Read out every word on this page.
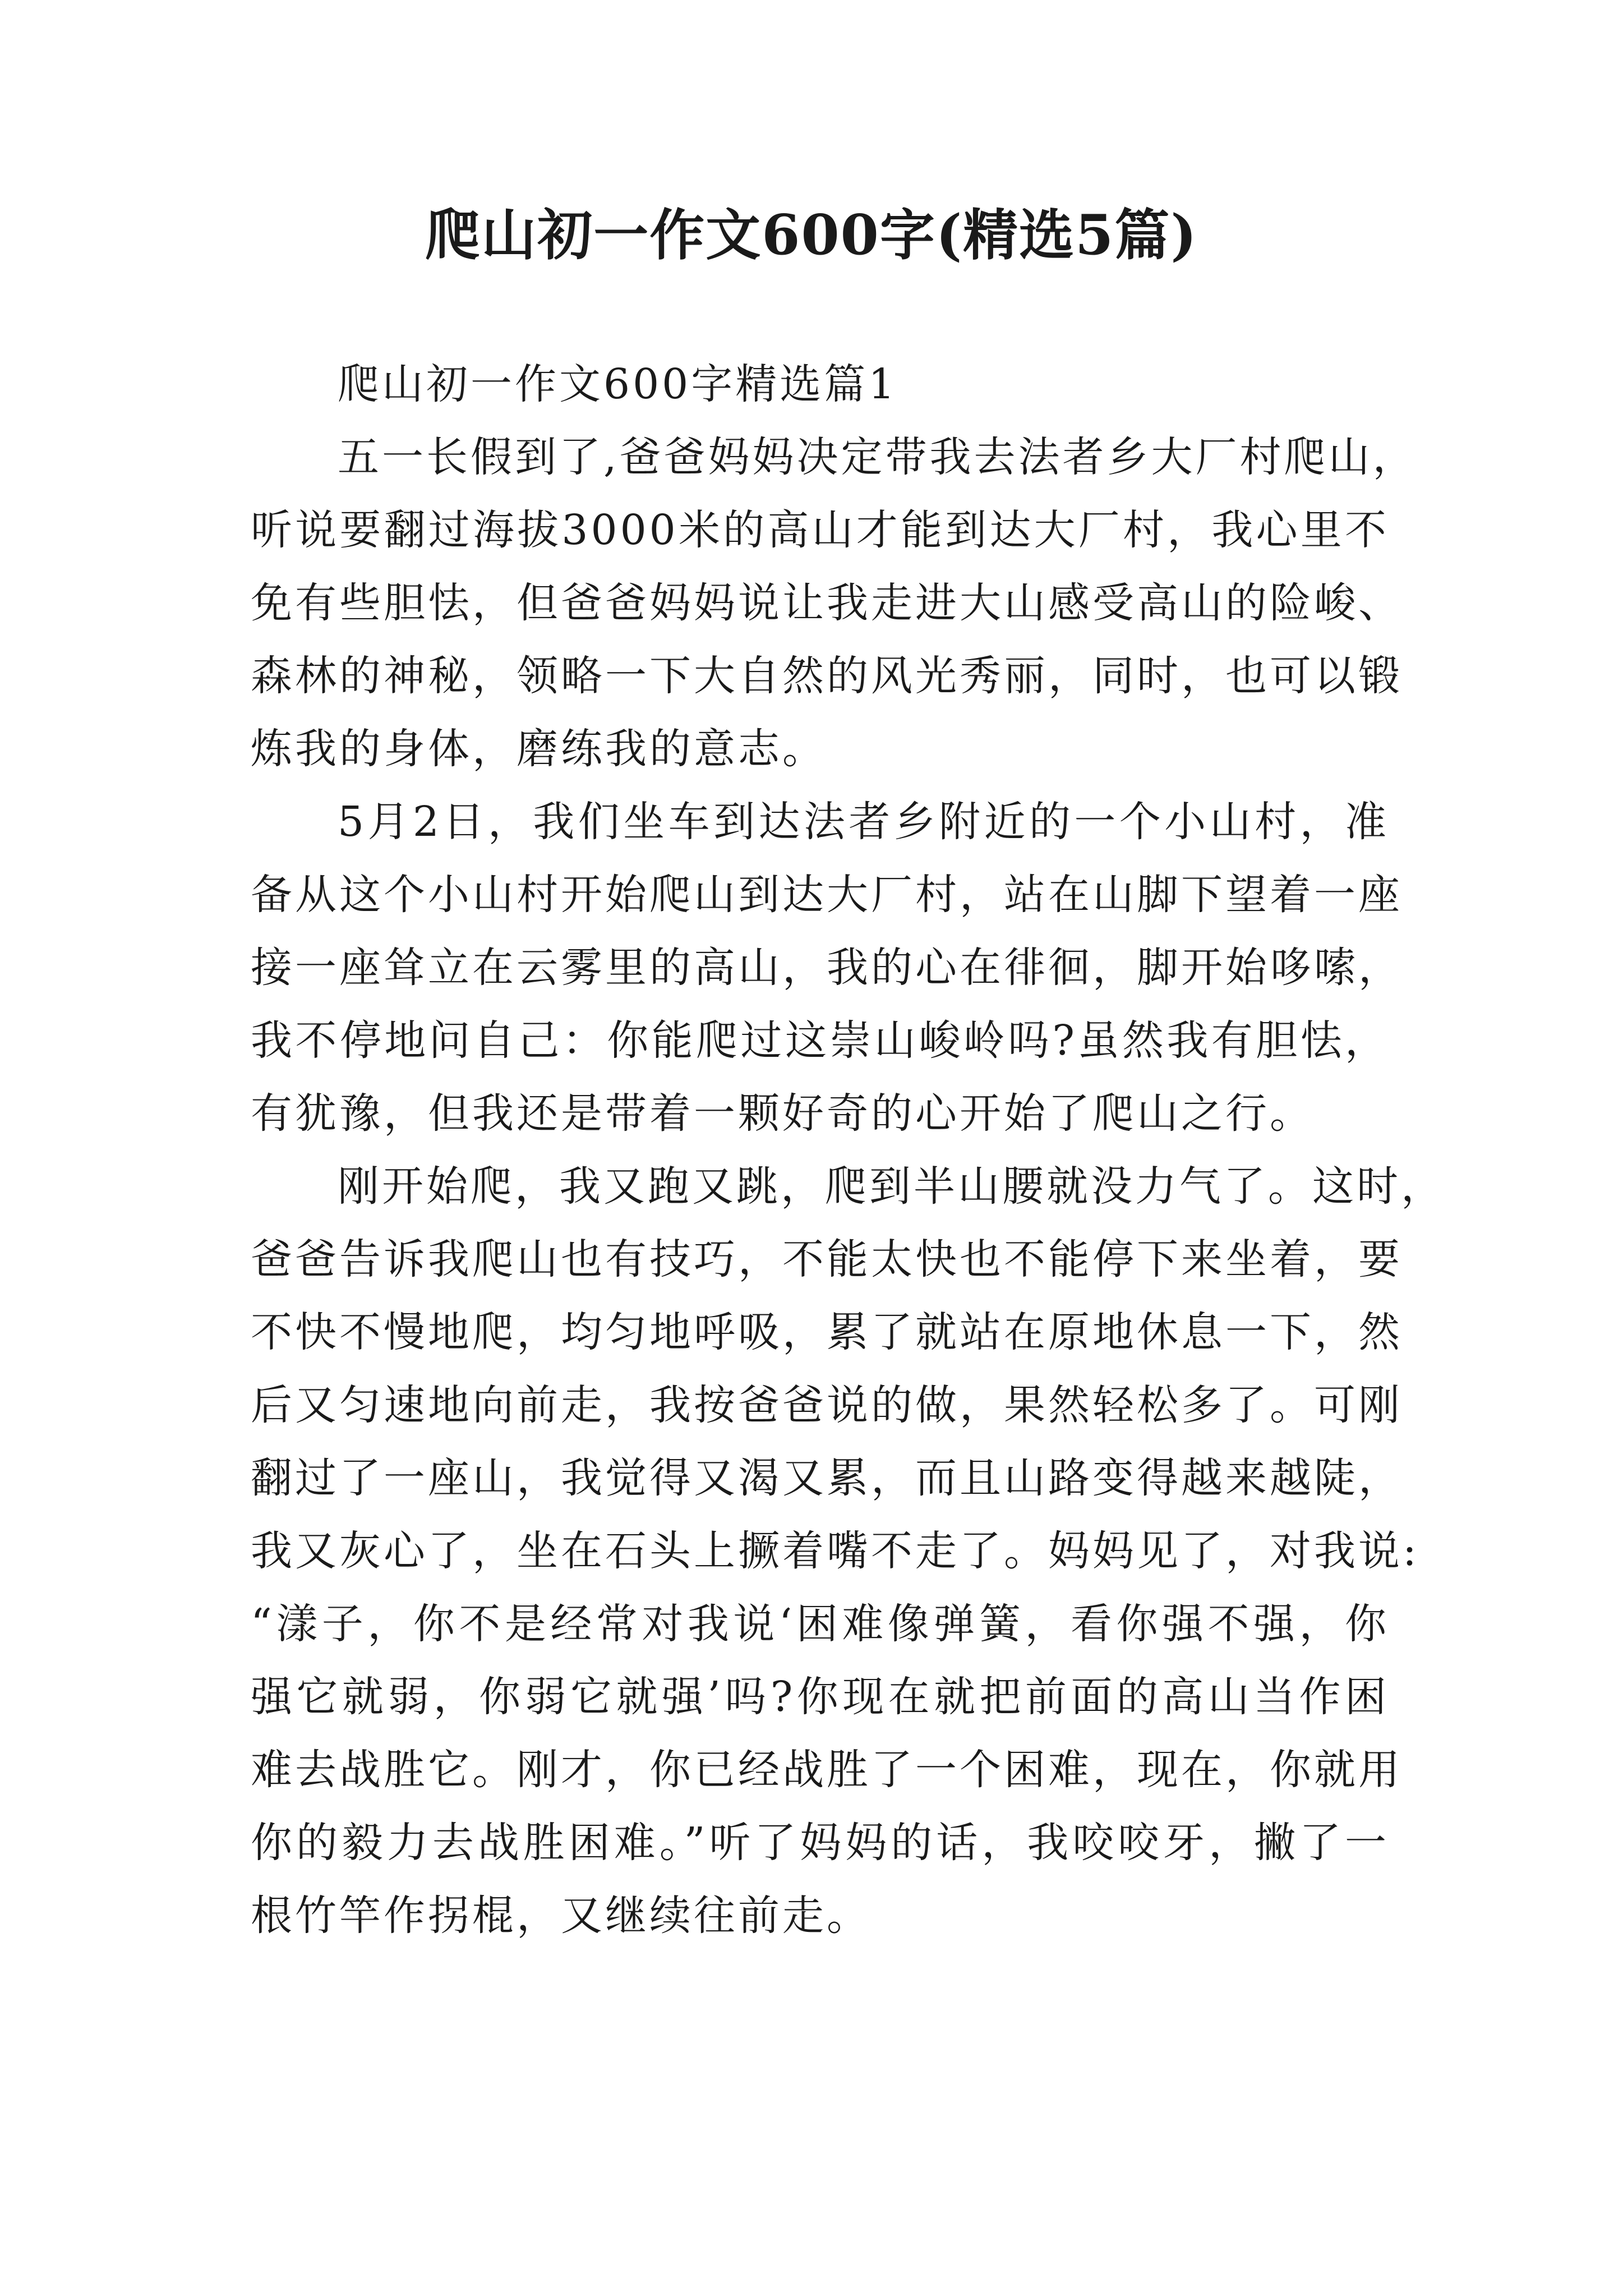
爬山初一作文600字(精选5篇)
爬山初一作文600字精选篇1
五一长假到了,爸爸妈妈决定带我去法者乡大厂村爬山，
听说要翻过海拔3000米的高山才能到达大厂村，我心里不
免有些胆怯，但爸爸妈妈说让我走进大山感受高山的险峻、
森林的神秘，领略一下大自然的风光秀丽，同时，也可以锻
炼我的身体，磨练我的意志。
5月2日，我们坐车到达法者乡附近的一个小山村，准
备从这个小山村开始爬山到达大厂村，站在山脚下望着一座
接一座耸立在云雾里的高山，我的心在徘徊，脚开始哆嗦，
我不停地问自己：你能爬过这崇山峻岭吗?虽然我有胆怯，
有犹豫，但我还是带着一颗好奇的心开始了爬山之行。
刚开始爬，我又跑又跳，爬到半山腰就没力气了。这时，
爸爸告诉我爬山也有技巧，不能太快也不能停下来坐着，要
不快不慢地爬，均匀地呼吸，累了就站在原地休息一下，然
后又匀速地向前走，我按爸爸说的做，果然轻松多了。可刚
翻过了一座山，我觉得又渴又累，而且山路变得越来越陡，
我又灰心了，坐在石头上撅着嘴不走了。妈妈见了，对我说:
“漾子，你不是经常对我说‘困难像弹簧，看你强不强，你
强它就弱，你弱它就强’吗?你现在就把前面的高山当作困
难去战胜它。刚才，你已经战胜了一个困难，现在，你就用
你的毅力去战胜困难。”听了妈妈的话，我咬咬牙，撇了一
根竹竿作拐棍，又继续往前走。
